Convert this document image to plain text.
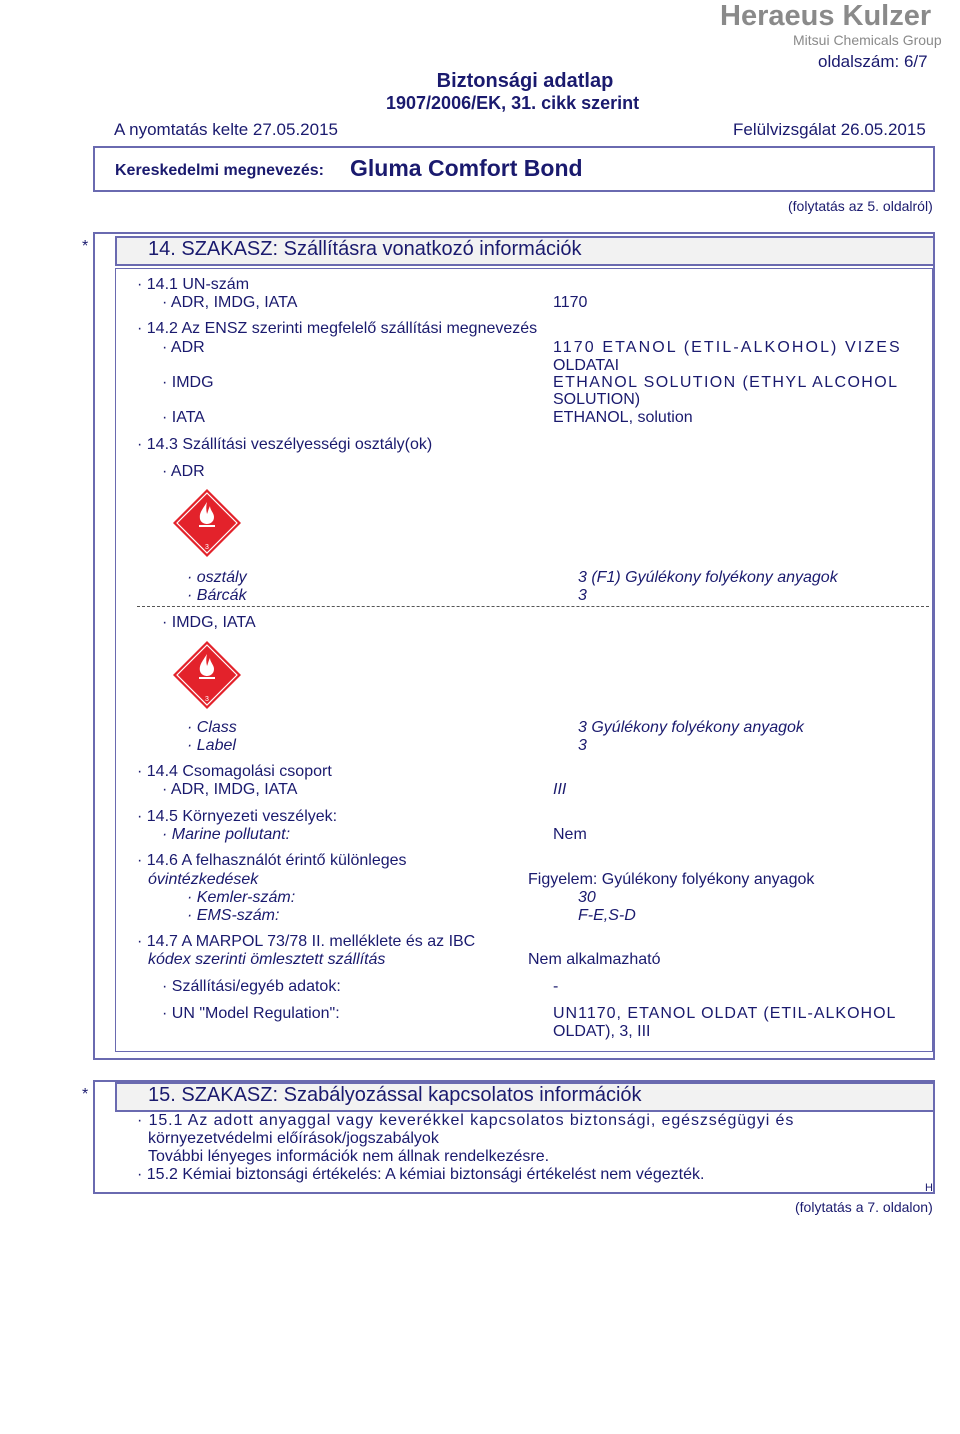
Heraeus Kulzer
Mitsui Chemicals Group
Biztonsági adatlap
1907/2006/EK, 31. cikk szerint
oldalszám: 6/7
A nyomtatás kelte 27.05.2015	Felülvizsgálat 26.05.2015
Kereskedelmi megnevezés: Gluma Comfort Bond
(folytatás az 5. oldalról)
*	14. SZAKASZ: Szállításra vonatkozó információk
· 14.1 UN-szám
· ADR, IMDG, IATA	1170
· 14.2 Az ENSZ szerinti megfelelő szállítási megnevezés
· ADR	1170 ETANOL (ETIL-ALKOHOL) VIZES
OLDATAI
· IMDG	ETHANOL SOLUTION (ETHYL ALCOHOL
SOLUTION)
· IATA	ETHANOL, solution
· 14.3 Szállítási veszélyességi osztály(ok)
· ADR
3
· osztály	3 (F1) Gyúlékony folyékony anyagok
· Bárcák	3
· IMDG, IATA
3
· Class	3 Gyúlékony folyékony anyagok
· Label	3
· 14.4 Csomagolási csoport
· ADR, IMDG, IATA	III
· 14.5 Környezeti veszélyek:
· Marine pollutant:	Nem
· 14.6 A felhasználót érintő különleges
óvintézkedések	Figyelem: Gyúlékony folyékony anyagok
· Kemler-szám:	30
· EMS-szám:	F-E,S-D
· 14.7 A MARPOL 73/78 II. melléklete és az IBC
kódex szerinti ömlesztett szállítás	Nem alkalmazható
· Szállítási/egyéb adatok:	-
· UN "Model Regulation":	UN1170, ETANOL OLDAT (ETIL-ALKOHOL
OLDAT), 3, III
*	15. SZAKASZ: Szabályozással kapcsolatos információk
· 15.1 Az adott anyaggal vagy keverékkel kapcsolatos biztonsági, egészségügyi és
környezetvédelmi előírások/jogszabályok
További lényeges információk nem állnak rendelkezésre.
· 15.2 Kémiai biztonsági értékelés: A kémiai biztonsági értékelést nem végezték.
H
(folytatás a 7. oldalon)
